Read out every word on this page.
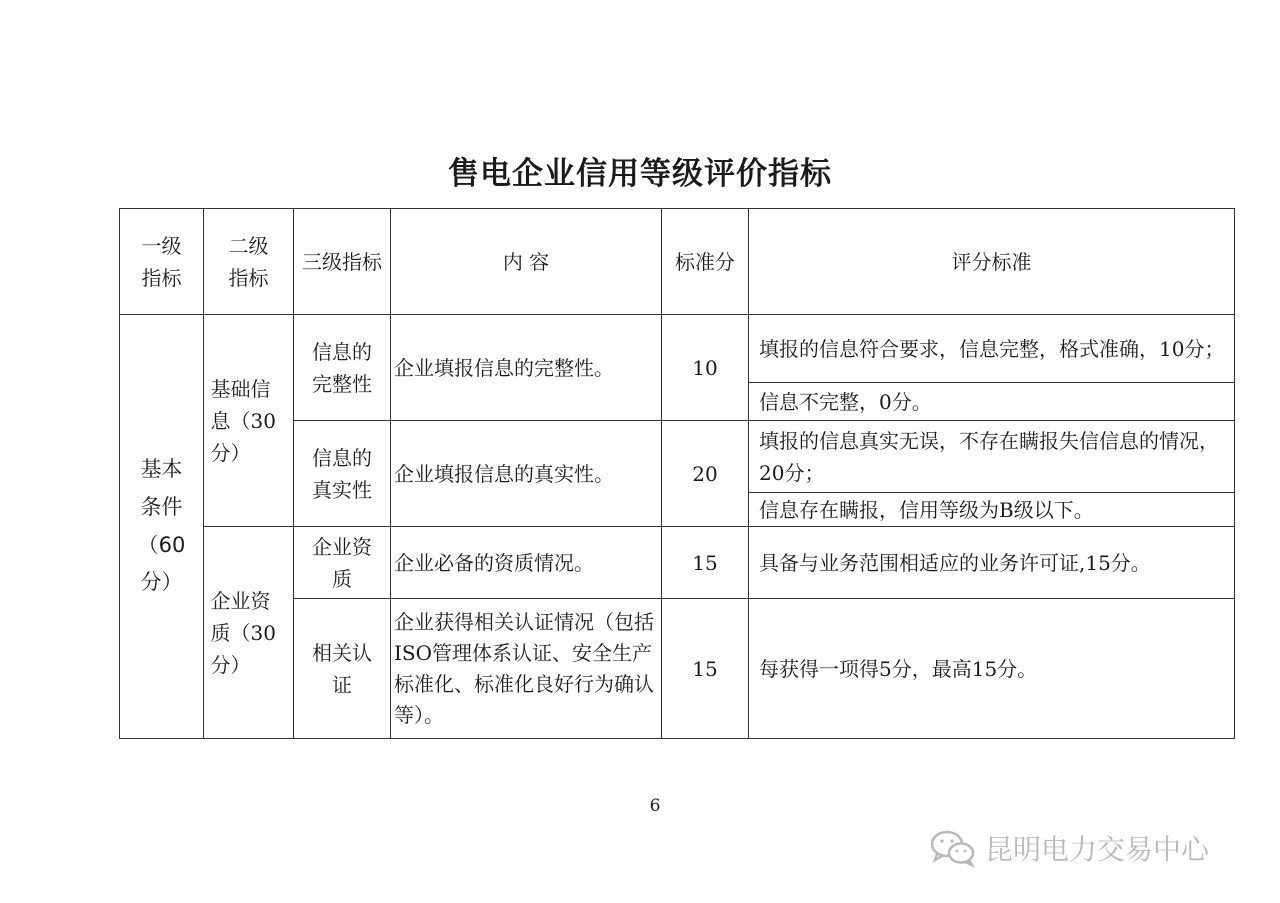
售电企业信用等级评价指标
一级指标	二级指标	三级指标	内 容	标准分	评分标准

基本条件（60分）	基础信息（30分）	信息的完整性	企业填报信息的完整性。	10	填报的信息符合要求，信息完整，格式准确，10分；
					信息不完整，0分。

		信息的真实性	企业填报信息的真实性。	20	填报的信息真实无误，不存在瞒报失信信息的情况，20分；
					信息存在瞒报，信用等级为B级以下。

	企业资质（30分）	企业资质	企业必备的资质情况。	15	具备与业务范围相适应的业务许可证,15分。

		相关认证	企业获得相关认证情况（包括ISO管理体系认证、安全生产标准化、标准化良好行为确认等）。	15	每获得一项得5分，最高15分。
6
昆明电力交易中心
